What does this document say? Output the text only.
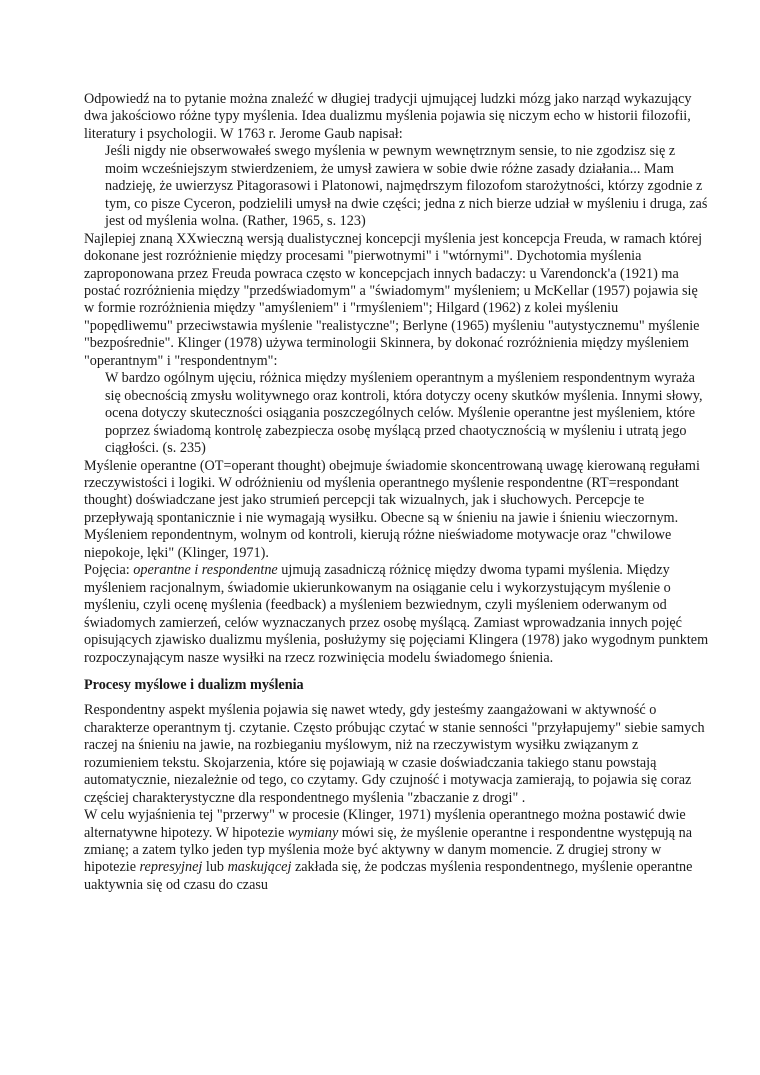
Odpowiedź na to pytanie można znaleźć w długiej tradycji ujmującej ludzki mózg jako narząd wykazujący dwa jakościowo różne typy myślenia. Idea dualizmu myślenia pojawia się niczym echo w historii filozofii, literatury i psychologii. W 1763 r. Jerome Gaub napisał:

Jeśli nigdy nie obserwowałeś swego myślenia w pewnym wewnętrznym sensie, to nie zgodzisz się z moim wcześniejszym stwierdzeniem, że umysł zawiera w sobie dwie różne zasady działania... Mam nadzieję, że uwierzysz Pitagorasowi i Platonowi, najmędrszym filozofom starożytności, którzy zgodnie z tym, co pisze Cyceron, podzielili umysł na dwie części; jedna z nich bierze udział w myśleniu i druga, zaś jest od myślenia wolna. (Rather, 1965, s. 123)

Najlepiej znaną XXwieczną wersją dualistycznej koncepcji myślenia jest koncepcja Freuda, w ramach której dokonane jest rozróżnienie między procesami "pierwotnymi" i "wtórnymi". Dychotomia myślenia zaproponowana przez Freuda powraca często w koncepcjach innych badaczy: u Varendonck'a (1921) ma postać rozróżnienia między "przedświadomym" a "świadomym" myśleniem; u McKellar (1957) pojawia się w formie rozróżnienia między "amyśleniem" i "rmyśleniem"; Hilgard (1962) z kolei myśleniu "popędliwemu" przeciwstawia myślenie "realistyczne"; Berlyne (1965) myśleniu "autystycznemu" myślenie "bezpośrednie". Klinger (1978) używa terminologii Skinnera, by dokonać rozróżnienia między myśleniem "operantnym" i "respondentnym":

W bardzo ogólnym ujęciu, różnica między myśleniem operantnym a myśleniem respondentnym wyraża się obecnością zmysłu wolitywnego oraz kontroli, która dotyczy oceny skutków myślenia. Innymi słowy, ocena dotyczy skuteczności osiągania poszczególnych celów. Myślenie operantne jest myśleniem, które poprzez świadomą kontrolę zabezpiecza osobę myślącą przed chaotycznością w myśleniu i utratą jego ciągłości. (s. 235)

Myślenie operantne (OT=operant thought) obejmuje świadomie skoncentrowaną uwagę kierowaną regułami rzeczywistości i logiki. W odróżnieniu od myślenia operantnego myślenie respondentne (RT=respondant thought) doświadczane jest jako strumień percepcji tak wizualnych, jak i słuchowych. Percepcje te przepływają spontanicznie i nie wymagają wysiłku. Obecne są w śnieniu na jawie i śnieniu wieczornym. Myśleniem repondentnym, wolnym od kontroli, kierują różne nieświadome motywacje oraz "chwilowe niepokoje, lęki" (Klinger, 1971).

Pojęcia: operantne i respondentne ujmują zasadniczą różnicę między dwoma typami myślenia. Między myśleniem racjonalnym, świadomie ukierunkowanym na osiąganie celu i wykorzystującym myślenie o myśleniu, czyli ocenę myślenia (feedback) a myśleniem bezwiednym, czyli myśleniem oderwanym od świadomych zamierzeń, celów wyznaczanych przez osobę myślącą. Zamiast wprowadzania innych pojęć opisujących zjawisko dualizmu myślenia, posłużymy się pojęciami Klingera (1978) jako wygodnym punktem rozpoczynającym nasze wysiłki na rzecz rozwinięcia modelu świadomego śnienia.

Procesy myślowe i dualizm myślenia

Respondentny aspekt myślenia pojawia się nawet wtedy, gdy jesteśmy zaangażowani w aktywność o charakterze operantnym tj. czytanie. Często próbując czytać w stanie senności "przyłapujemy" siebie samych raczej na śnieniu na jawie, na rozbieganiu myślowym, niż na rzeczywistym wysiłku związanym z rozumieniem tekstu. Skojarzenia, które się pojawiają w czasie doświadczania takiego stanu powstają automatycznie, niezależnie od tego, co czytamy. Gdy czujność i motywacja zamierają, to pojawia się coraz częściej charakterystyczne dla respondentnego myślenia "zbaczanie z drogi" .

W celu wyjaśnienia tej "przerwy" w procesie (Klinger, 1971) myślenia operantnego można postawić dwie alternatywne hipotezy. W hipotezie wymiany mówi się, że myślenie operantne i respondentne występują na zmianę; a zatem tylko jeden typ myślenia może być aktywny w danym momencie. Z drugiej strony w hipotezie represyjnej lub maskującej zakłada się, że podczas myślenia respondentnego, myślenie operantne uaktywnia się od czasu do czasu
